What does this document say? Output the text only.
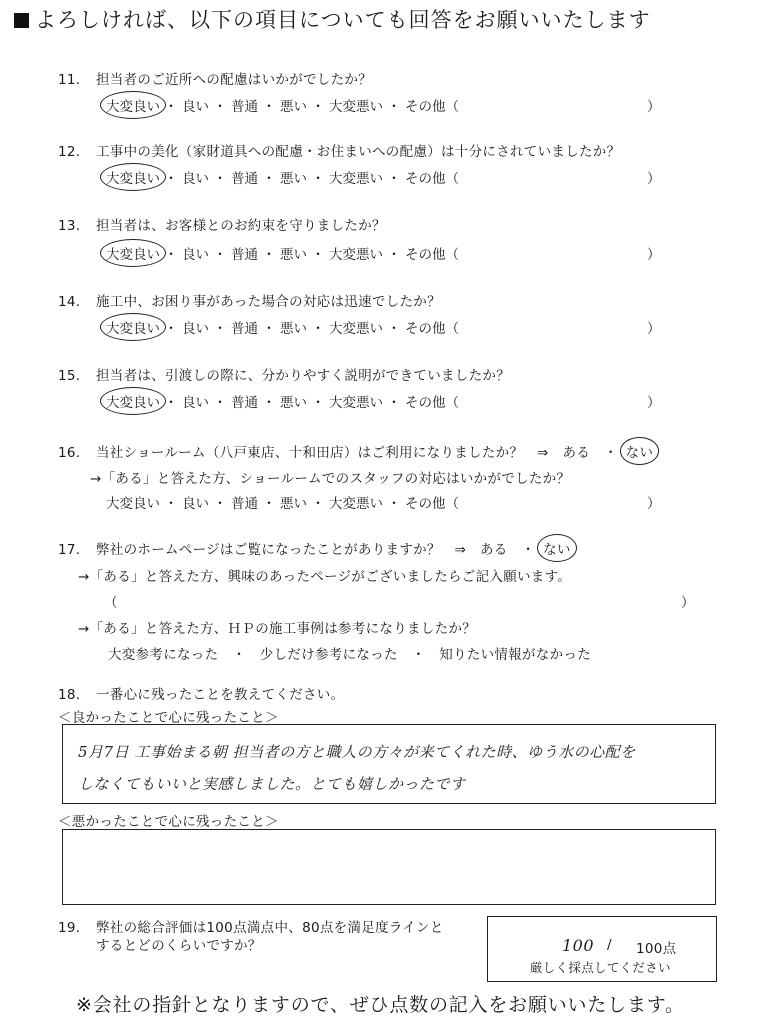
よろしければ、以下の項目についても回答をお願いいたします
11. 担当者のご近所への配慮はいかがでしたか？
大変良い ・ 良い ・ 普通 ・ 悪い ・ 大変悪い ・ その他（	）
12. 工事中の美化（家財道具への配慮・お住まいへの配慮）は十分にされていましたか？
大変良い ・ 良い ・ 普通 ・ 悪い ・ 大変悪い ・ その他（	）
13. 担当者は、お客様とのお約束を守りましたか？
大変良い ・ 良い ・ 普通 ・ 悪い ・ 大変悪い ・ その他（	）
14. 施工中、お困り事があった場合の対応は迅速でしたか？
大変良い ・ 良い ・ 普通 ・ 悪い ・ 大変悪い ・ その他（	）
15. 担当者は、引渡しの際に、分かりやすく説明ができていましたか？
大変良い ・ 良い ・ 普通 ・ 悪い ・ 大変悪い ・ その他（	）
16. 当社ショールーム（八戸東店、十和田店）はご利用になりましたか？　⇒　ある　・ ない
→「ある」と答えた方、ショールームでのスタッフの対応はいかがでしたか？
大変良い ・ 良い ・ 普通 ・ 悪い ・ 大変悪い ・ その他（	）
17. 弊社のホームページはご覧になったことがありますか？　⇒　ある　・ ない
→「ある」と答えた方、興味のあったページがございましたらご記入願います。
（	）
→「ある」と答えた方、ＨＰの施工事例は参考になりましたか？
大変参考になった　・　少しだけ参考になった　・　知りたい情報がなかった
18. 一番心に残ったことを教えてください。
＜良かったことで心に残ったこと＞
5月7日 工事始まる朝 担当者の方と職人の方々が来てくれた時、ゆう水の心配を
しなくてもいいと実感しました。とても嬉しかったです
＜悪かったことで心に残ったこと＞
19. 弊社の総合評価は100点満点中、80点を満足度ラインと
するとどのくらいですか？	100 / 100点
厳しく採点してください
※会社の指針となりますので、ぜひ点数の記入をお願いいたします。
